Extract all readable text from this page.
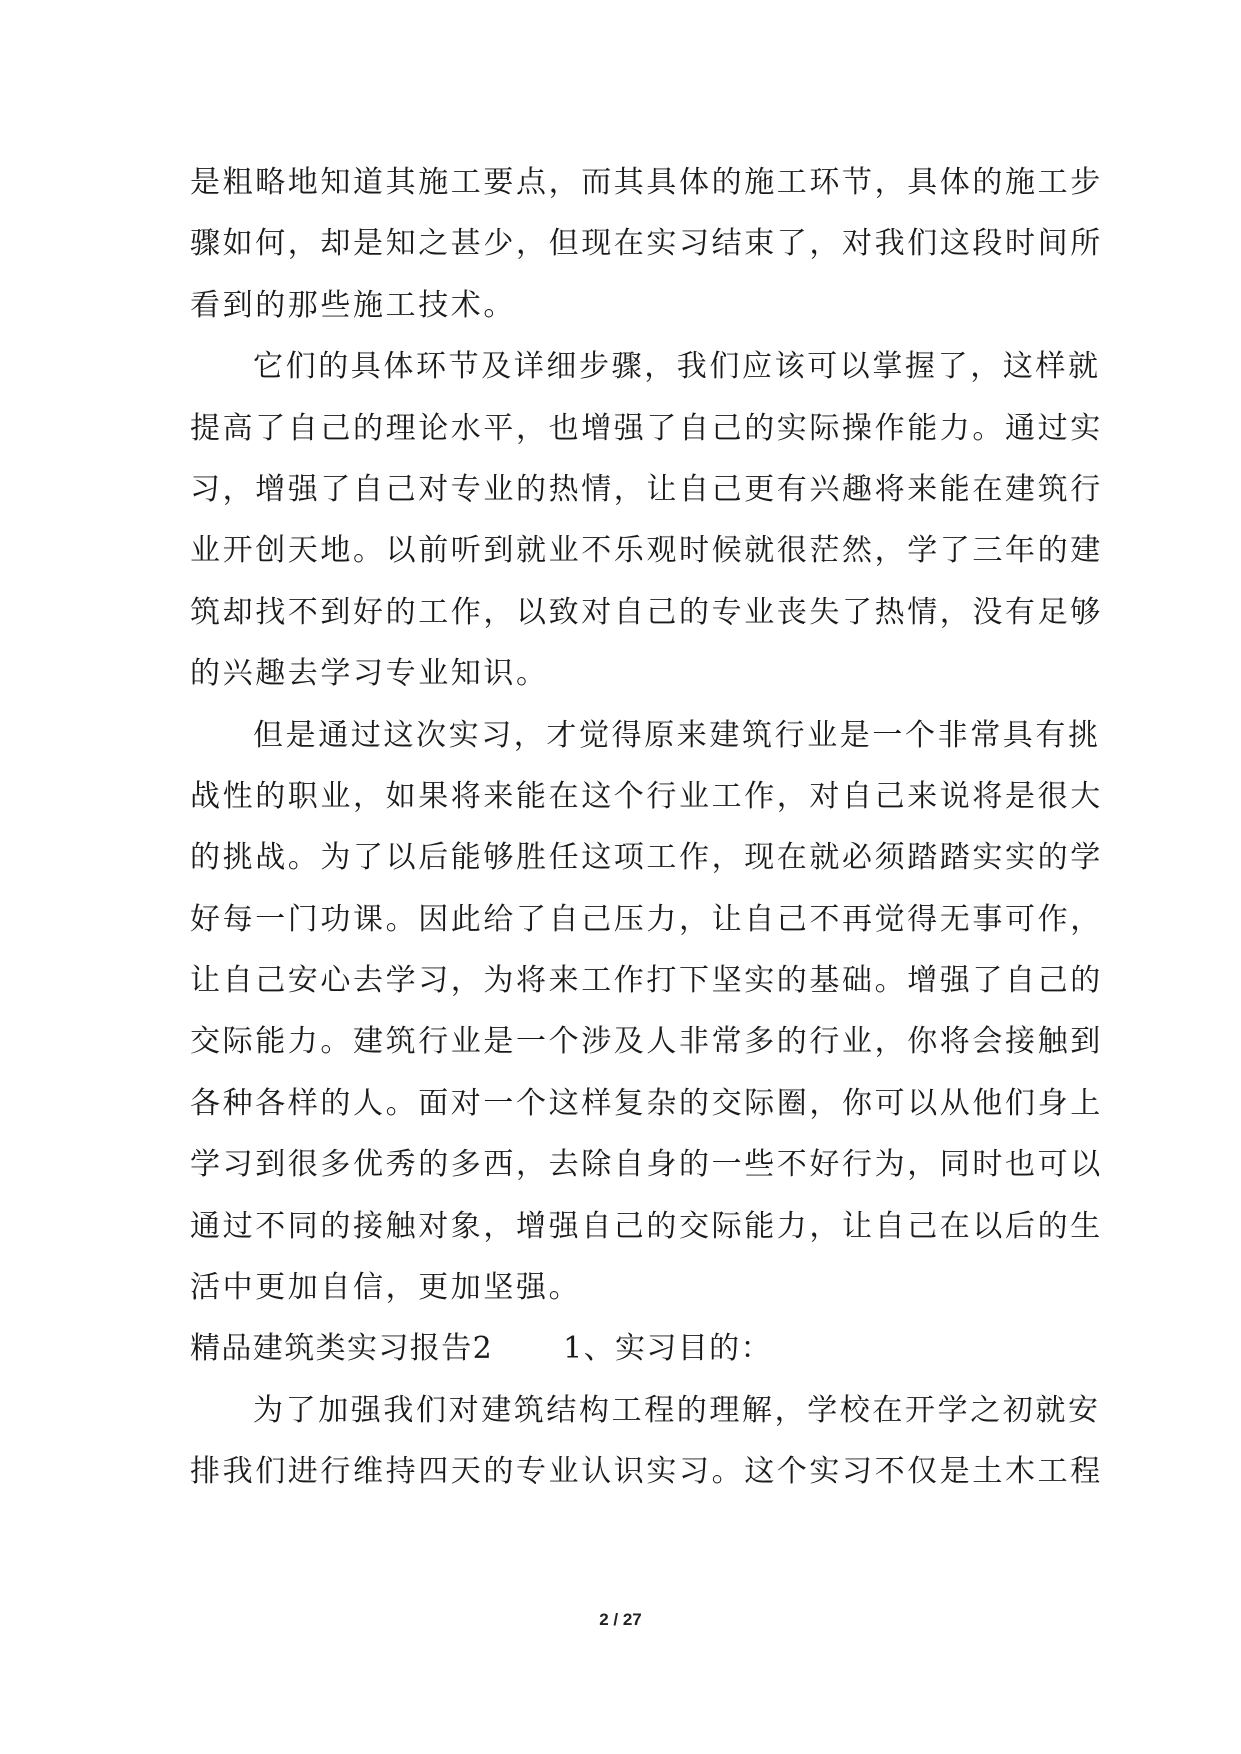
是粗略地知道其施工要点，而其具体的施工环节，具体的施工步
骤如何，却是知之甚少，但现在实习结束了，对我们这段时间所
看到的那些施工技术。
它们的具体环节及详细步骤，我们应该可以掌握了，这样就
提高了自己的理论水平，也增强了自己的实际操作能力。通过实
习，增强了自己对专业的热情，让自己更有兴趣将来能在建筑行
业开创天地。以前听到就业不乐观时候就很茫然，学了三年的建
筑却找不到好的工作，以致对自己的专业丧失了热情，没有足够
的兴趣去学习专业知识。
但是通过这次实习，才觉得原来建筑行业是一个非常具有挑
战性的职业，如果将来能在这个行业工作，对自己来说将是很大
的挑战。为了以后能够胜任这项工作，现在就必须踏踏实实的学
好每一门功课。因此给了自己压力，让自己不再觉得无事可作，
让自己安心去学习，为将来工作打下坚实的基础。增强了自己的
交际能力。建筑行业是一个涉及人非常多的行业，你将会接触到
各种各样的人。面对一个这样复杂的交际圈，你可以从他们身上
学习到很多优秀的多西，去除自身的一些不好行为，同时也可以
通过不同的接触对象，增强自己的交际能力，让自己在以后的生
活中更加自信，更加坚强。
精品建筑类实习报告2 1、实习目的：
为了加强我们对建筑结构工程的理解，学校在开学之初就安
排我们进行维持四天的专业认识实习。这个实习不仅是土木工程
2 / 27
